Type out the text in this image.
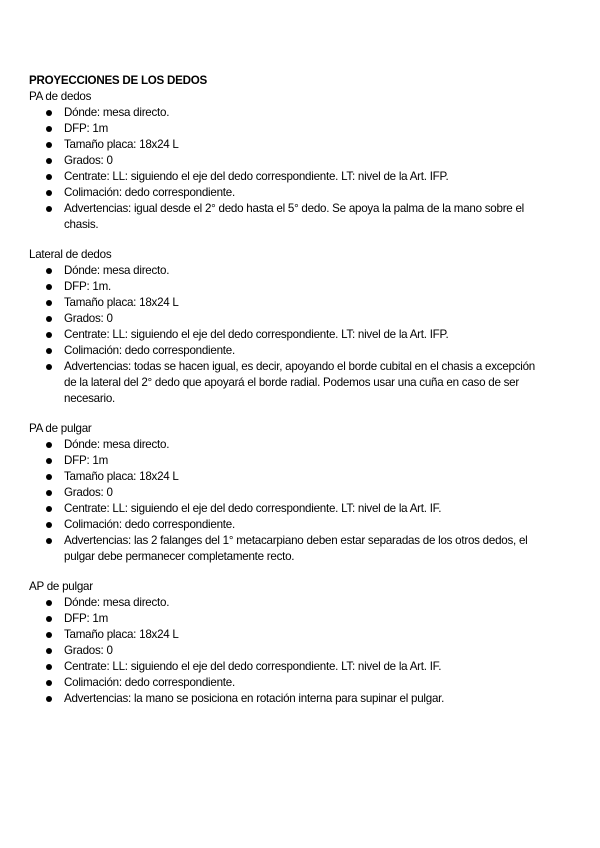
PROYECCIONES DE LOS DEDOS
PA de dedos
Dónde: mesa directo.
DFP: 1m
Tamaño placa: 18x24 L
Grados: 0
Centrate: LL: siguiendo el eje del dedo correspondiente. LT: nivel de la Art. IFP.
Colimación: dedo correspondiente.
Advertencias: igual desde el 2° dedo hasta el 5° dedo. Se apoya la palma de la mano sobre el chasis.
Lateral de dedos
Dónde: mesa directo.
DFP: 1m.
Tamaño placa: 18x24 L
Grados: 0
Centrate: LL: siguiendo el eje del dedo correspondiente. LT: nivel de la Art. IFP.
Colimación: dedo correspondiente.
Advertencias: todas se hacen igual, es decir, apoyando el borde cubital en el chasis a excepción de la lateral del 2° dedo que apoyará el borde radial. Podemos usar una cuña en caso de ser necesario.
PA de pulgar
Dónde: mesa directo.
DFP: 1m
Tamaño placa: 18x24 L
Grados: 0
Centrate: LL: siguiendo el eje del dedo correspondiente. LT: nivel de la Art. IF.
Colimación: dedo correspondiente.
Advertencias: las 2 falanges del 1° metacarpiano deben estar separadas de los otros dedos, el pulgar debe permanecer completamente recto.
AP de pulgar
Dónde: mesa directo.
DFP: 1m
Tamaño placa: 18x24 L
Grados: 0
Centrate: LL: siguiendo el eje del dedo correspondiente. LT: nivel de la Art. IF.
Colimación: dedo correspondiente.
Advertencias: la mano se posiciona en rotación interna para supinar el pulgar.
